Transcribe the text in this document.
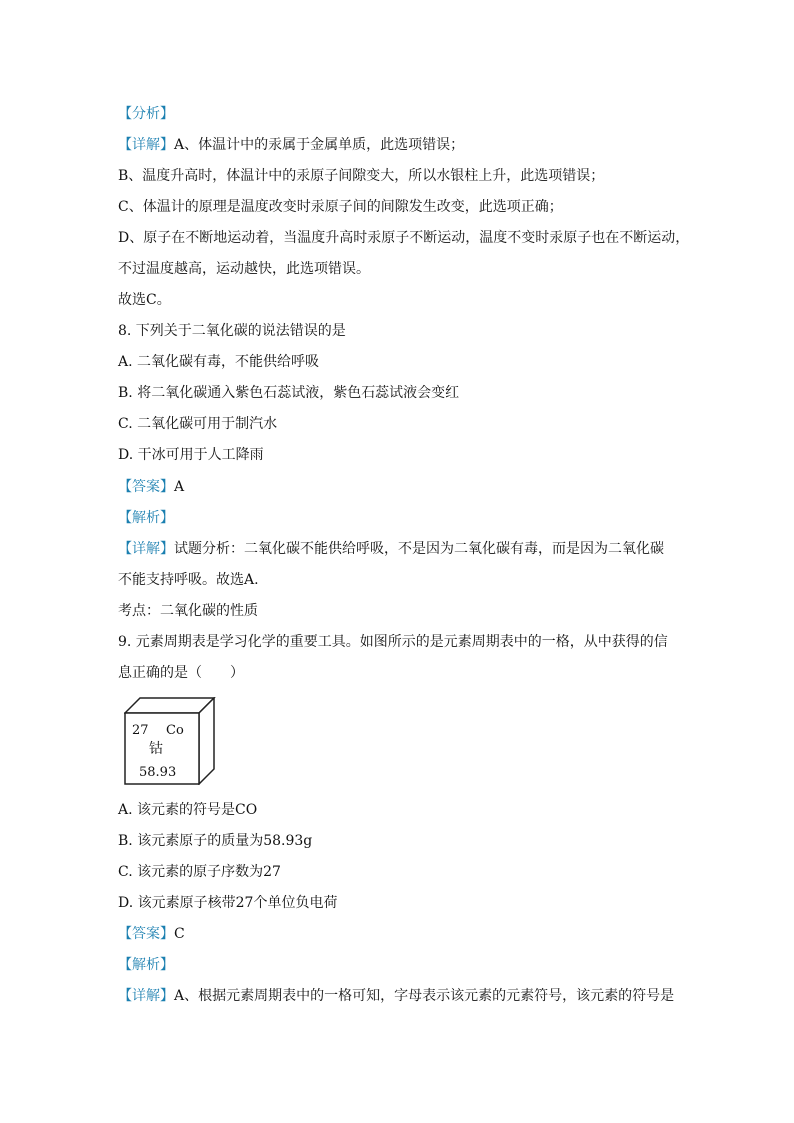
【分析】
【详解】A、体温计中的汞属于金属单质，此选项错误；
B、温度升高时，体温计中的汞原子间隙变大，所以水银柱上升，此选项错误；
C、体温计的原理是温度改变时汞原子间的间隙发生改变，此选项正确；
D、原子在不断地运动着，当温度升高时汞原子不断运动，温度不变时汞原子也在不断运动，
不过温度越高，运动越快，此选项错误。
故选C。
8. 下列关于二氧化碳的说法错误的是
A. 二氧化碳有毒，不能供给呼吸
B. 将二氧化碳通入紫色石蕊试液，紫色石蕊试液会变红
C. 二氧化碳可用于制汽水
D. 干冰可用于人工降雨
【答案】A
【解析】
【详解】试题分析：二氧化碳不能供给呼吸，不是因为二氧化碳有毒，而是因为二氧化碳
不能支持呼吸。故选A.
考点：二氧化碳的性质
9. 元素周期表是学习化学的重要工具。如图所示的是元素周期表中的一格，从中获得的信
息正确的是（　　）
27 Co
钴
58.93
A. 该元素的符号是CO
B. 该元素原子的质量为58.93g
C. 该元素的原子序数为27
D. 该元素原子核带27个单位负电荷
【答案】C
【解析】
【详解】A、根据元素周期表中的一格可知，字母表示该元素的元素符号，该元素的符号是
